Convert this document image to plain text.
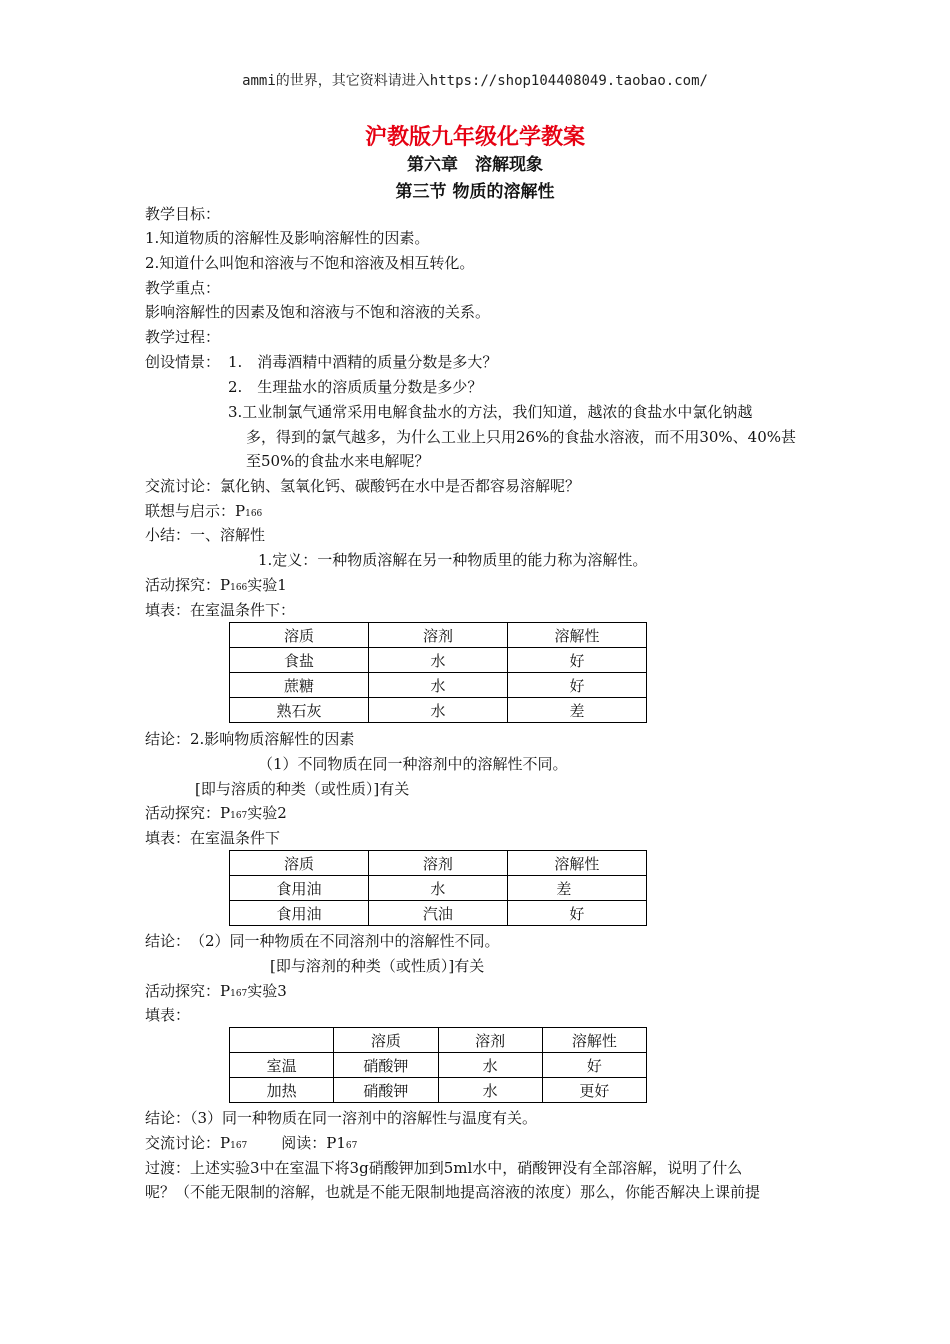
ammi的世界，其它资料请进入https://shop104408049.taobao.com/
沪教版九年级化学教案
第六章　溶解现象
第三节 物质的溶解性
教学目标：
1.知道物质的溶解性及影响溶解性的因素。
2.知道什么叫饱和溶液与不饱和溶液及相互转化。
教学重点：
影响溶解性的因素及饱和溶液与不饱和溶液的关系。
教学过程：
创设情景： 1.　消毒酒精中酒精的质量分数是多大？
2.　生理盐水的溶质质量分数是多少？
3.工业制氯气通常采用电解食盐水的方法，我们知道，越浓的食盐水中氯化钠越
多，得到的氯气越多，为什么工业上只用26%的食盐水溶液，而不用30%、40%甚
至50%的食盐水来电解呢？
交流讨论：氯化钠、氢氧化钙、碳酸钙在水中是否都容易溶解呢？
联想与启示：P166
小结：一、溶解性
1.定义：一种物质溶解在另一种物质里的能力称为溶解性。
活动探究：P166实验1
填表：在室温条件下：
溶质	溶剂	溶解性
食盐	水	好
蔗糖	水	好
熟石灰	水	差
结论：2.影响物质溶解性的因素
（1）不同物质在同一种溶剂中的溶解性不同。
[即与溶质的种类（或性质）]有关
活动探究：P167实验2
填表：在室温条件下
溶质	溶剂	溶解性
食用油	水	差
食用油	汽油	好
结论：　（2）同一种物质在不同溶剂中的溶解性不同。
[即与溶剂的种类（或性质）]有关
活动探究：P167实验3
填表：
	溶质	溶剂	溶解性
室温	硝酸钾	水	好
加热	硝酸钾	水	更好
结论：（3）同一种物质在同一溶剂中的溶解性与温度有关。
交流讨论：P167 阅读：P167
过渡：上述实验3中在室温下将3g硝酸钾加到5ml水中，硝酸钾没有全部溶解，说明了什么
呢？（不能无限制的溶解，也就是不能无限制地提高溶液的浓度）那么，你能否解决上课前提
